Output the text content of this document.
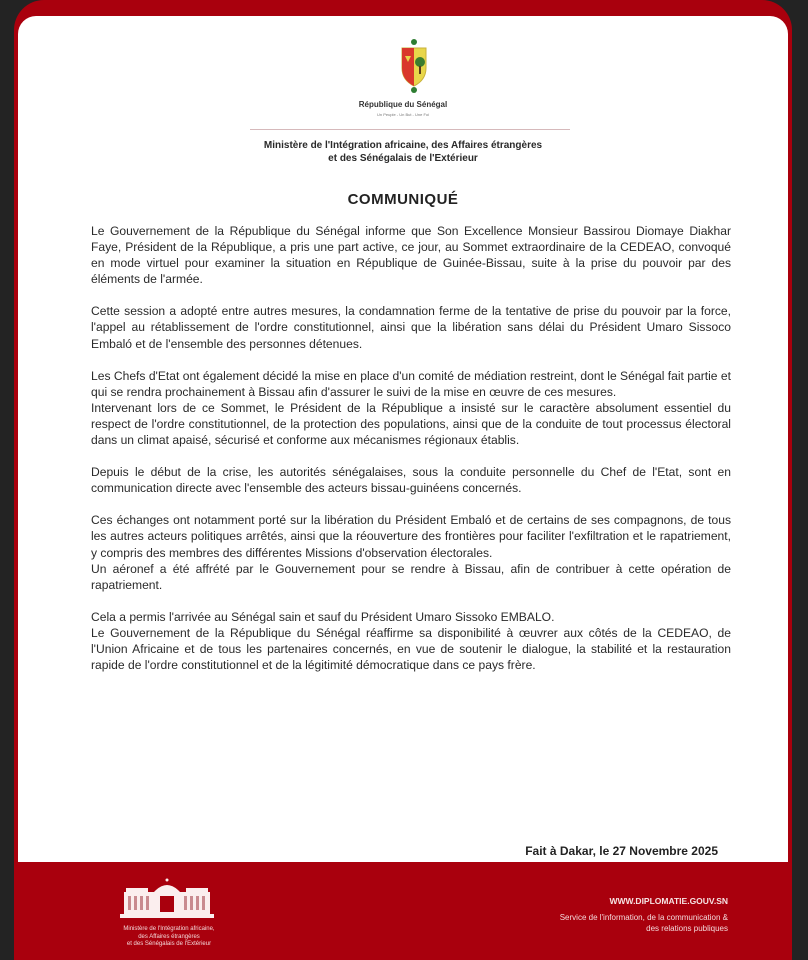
République du Sénégal
Un Peuple - Un But - Une Foi
Ministère de l'Intégration africaine, des Affaires étrangères
et des Sénégalais de l'Extérieur
COMMUNIQUÉ

Le Gouvernement de la République du Sénégal informe que Son Excellence Monsieur Bassirou Diomaye Diakhar Faye, Président de la République, a pris une part active, ce jour, au Sommet extraordinaire de la CEDEAO, convoqué en mode virtuel pour examiner la situation en République de Guinée-Bissau, suite à la prise du pouvoir par des éléments de l'armée.

Cette session a adopté entre autres mesures, la condamnation ferme de la tentative de prise du pouvoir par la force, l'appel au rétablissement de l'ordre constitutionnel, ainsi que la libération sans délai du Président Umaro Sissoco Embaló et de l'ensemble des personnes détenues.

Les Chefs d'Etat ont également décidé la mise en place d'un comité de médiation restreint, dont le Sénégal fait partie et qui se rendra prochainement à Bissau afin d'assurer le suivi de la mise en œuvre de ces mesures.

Intervenant lors de ce Sommet, le Président de la République a insisté sur le caractère absolument essentiel du respect de l'ordre constitutionnel, de la protection des populations, ainsi que de la conduite de tout processus électoral dans un climat apaisé, sécurisé et conforme aux mécanismes régionaux établis.

Depuis le début de la crise, les autorités sénégalaises, sous la conduite personnelle du Chef de l'Etat, sont en communication directe avec l'ensemble des acteurs bissau-guinéens concernés.

Ces échanges ont notamment porté sur la libération du Président Embaló et de certains de ses compagnons, de tous les autres acteurs politiques arrêtés, ainsi que la réouverture des frontières pour faciliter l'exfiltration et le rapatriement, y compris des membres des différentes Missions d'observation électorales.

Un aéronef a été affrété par le Gouvernement pour se rendre à Bissau, afin de contribuer à cette opération de rapatriement.

Cela a permis l'arrivée au Sénégal sain et sauf du Président Umaro Sissoko EMBALO.

Le Gouvernement de la République du Sénégal réaffirme sa disponibilité à œuvrer aux côtés de la CEDEAO, de l'Union Africaine et de tous les partenaires concernés, en vue de soutenir le dialogue, la stabilité et la restauration rapide de l'ordre constitutionnel et de la légitimité démocratique dans ce pays frère.

Fait à Dakar, le 27 Novembre 2025
Ministère de l'Intégration africaine,
des Affaires étrangères
et des Sénégalais de l'Extérieur
WWW.DIPLOMATIE.GOUV.SN
Service de l'information, de la communication &
des relations publiques
